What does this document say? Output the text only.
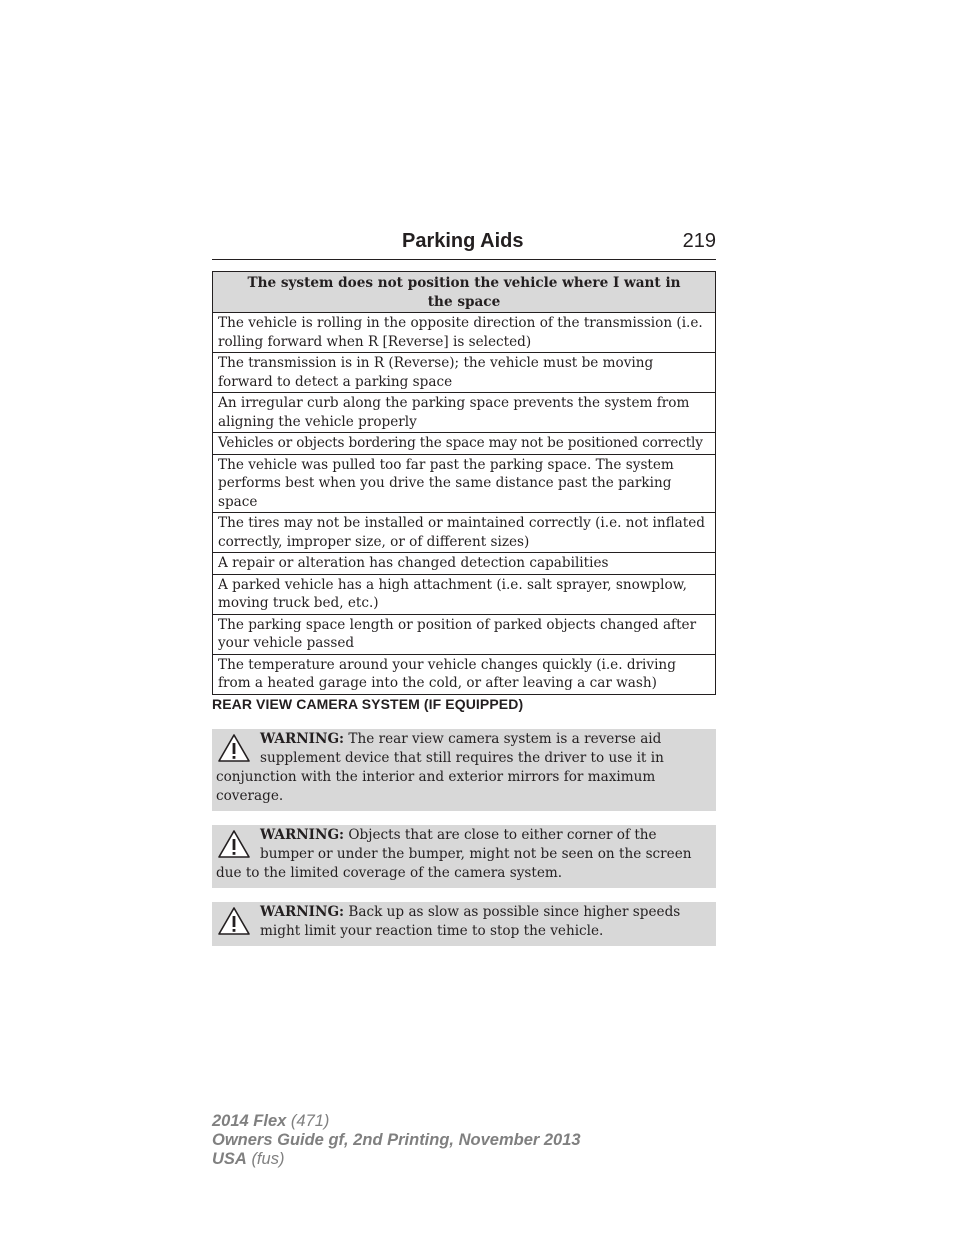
Parking Aids	219
The system does not position the vehicle where I want in the space
The vehicle is rolling in the opposite direction of the transmission (i.e. rolling forward when R [Reverse] is selected)
The transmission is in R (Reverse); the vehicle must be moving forward to detect a parking space
An irregular curb along the parking space prevents the system from aligning the vehicle properly
Vehicles or objects bordering the space may not be positioned correctly
The vehicle was pulled too far past the parking space. The system performs best when you drive the same distance past the parking space
The tires may not be installed or maintained correctly (i.e. not inflated correctly, improper size, or of different sizes)
A repair or alteration has changed detection capabilities
A parked vehicle has a high attachment (i.e. salt sprayer, snowplow, moving truck bed, etc.)
The parking space length or position of parked objects changed after your vehicle passed
The temperature around your vehicle changes quickly (i.e. driving from a heated garage into the cold, or after leaving a car wash)
REAR VIEW CAMERA SYSTEM (IF EQUIPPED)
WARNING: The rear view camera system is a reverse aid supplement device that still requires the driver to use it in conjunction with the interior and exterior mirrors for maximum coverage.
WARNING: Objects that are close to either corner of the bumper or under the bumper, might not be seen on the screen due to the limited coverage of the camera system.
WARNING: Back up as slow as possible since higher speeds might limit your reaction time to stop the vehicle.
2014 Flex (471)
Owners Guide gf, 2nd Printing, November 2013
USA (fus)
